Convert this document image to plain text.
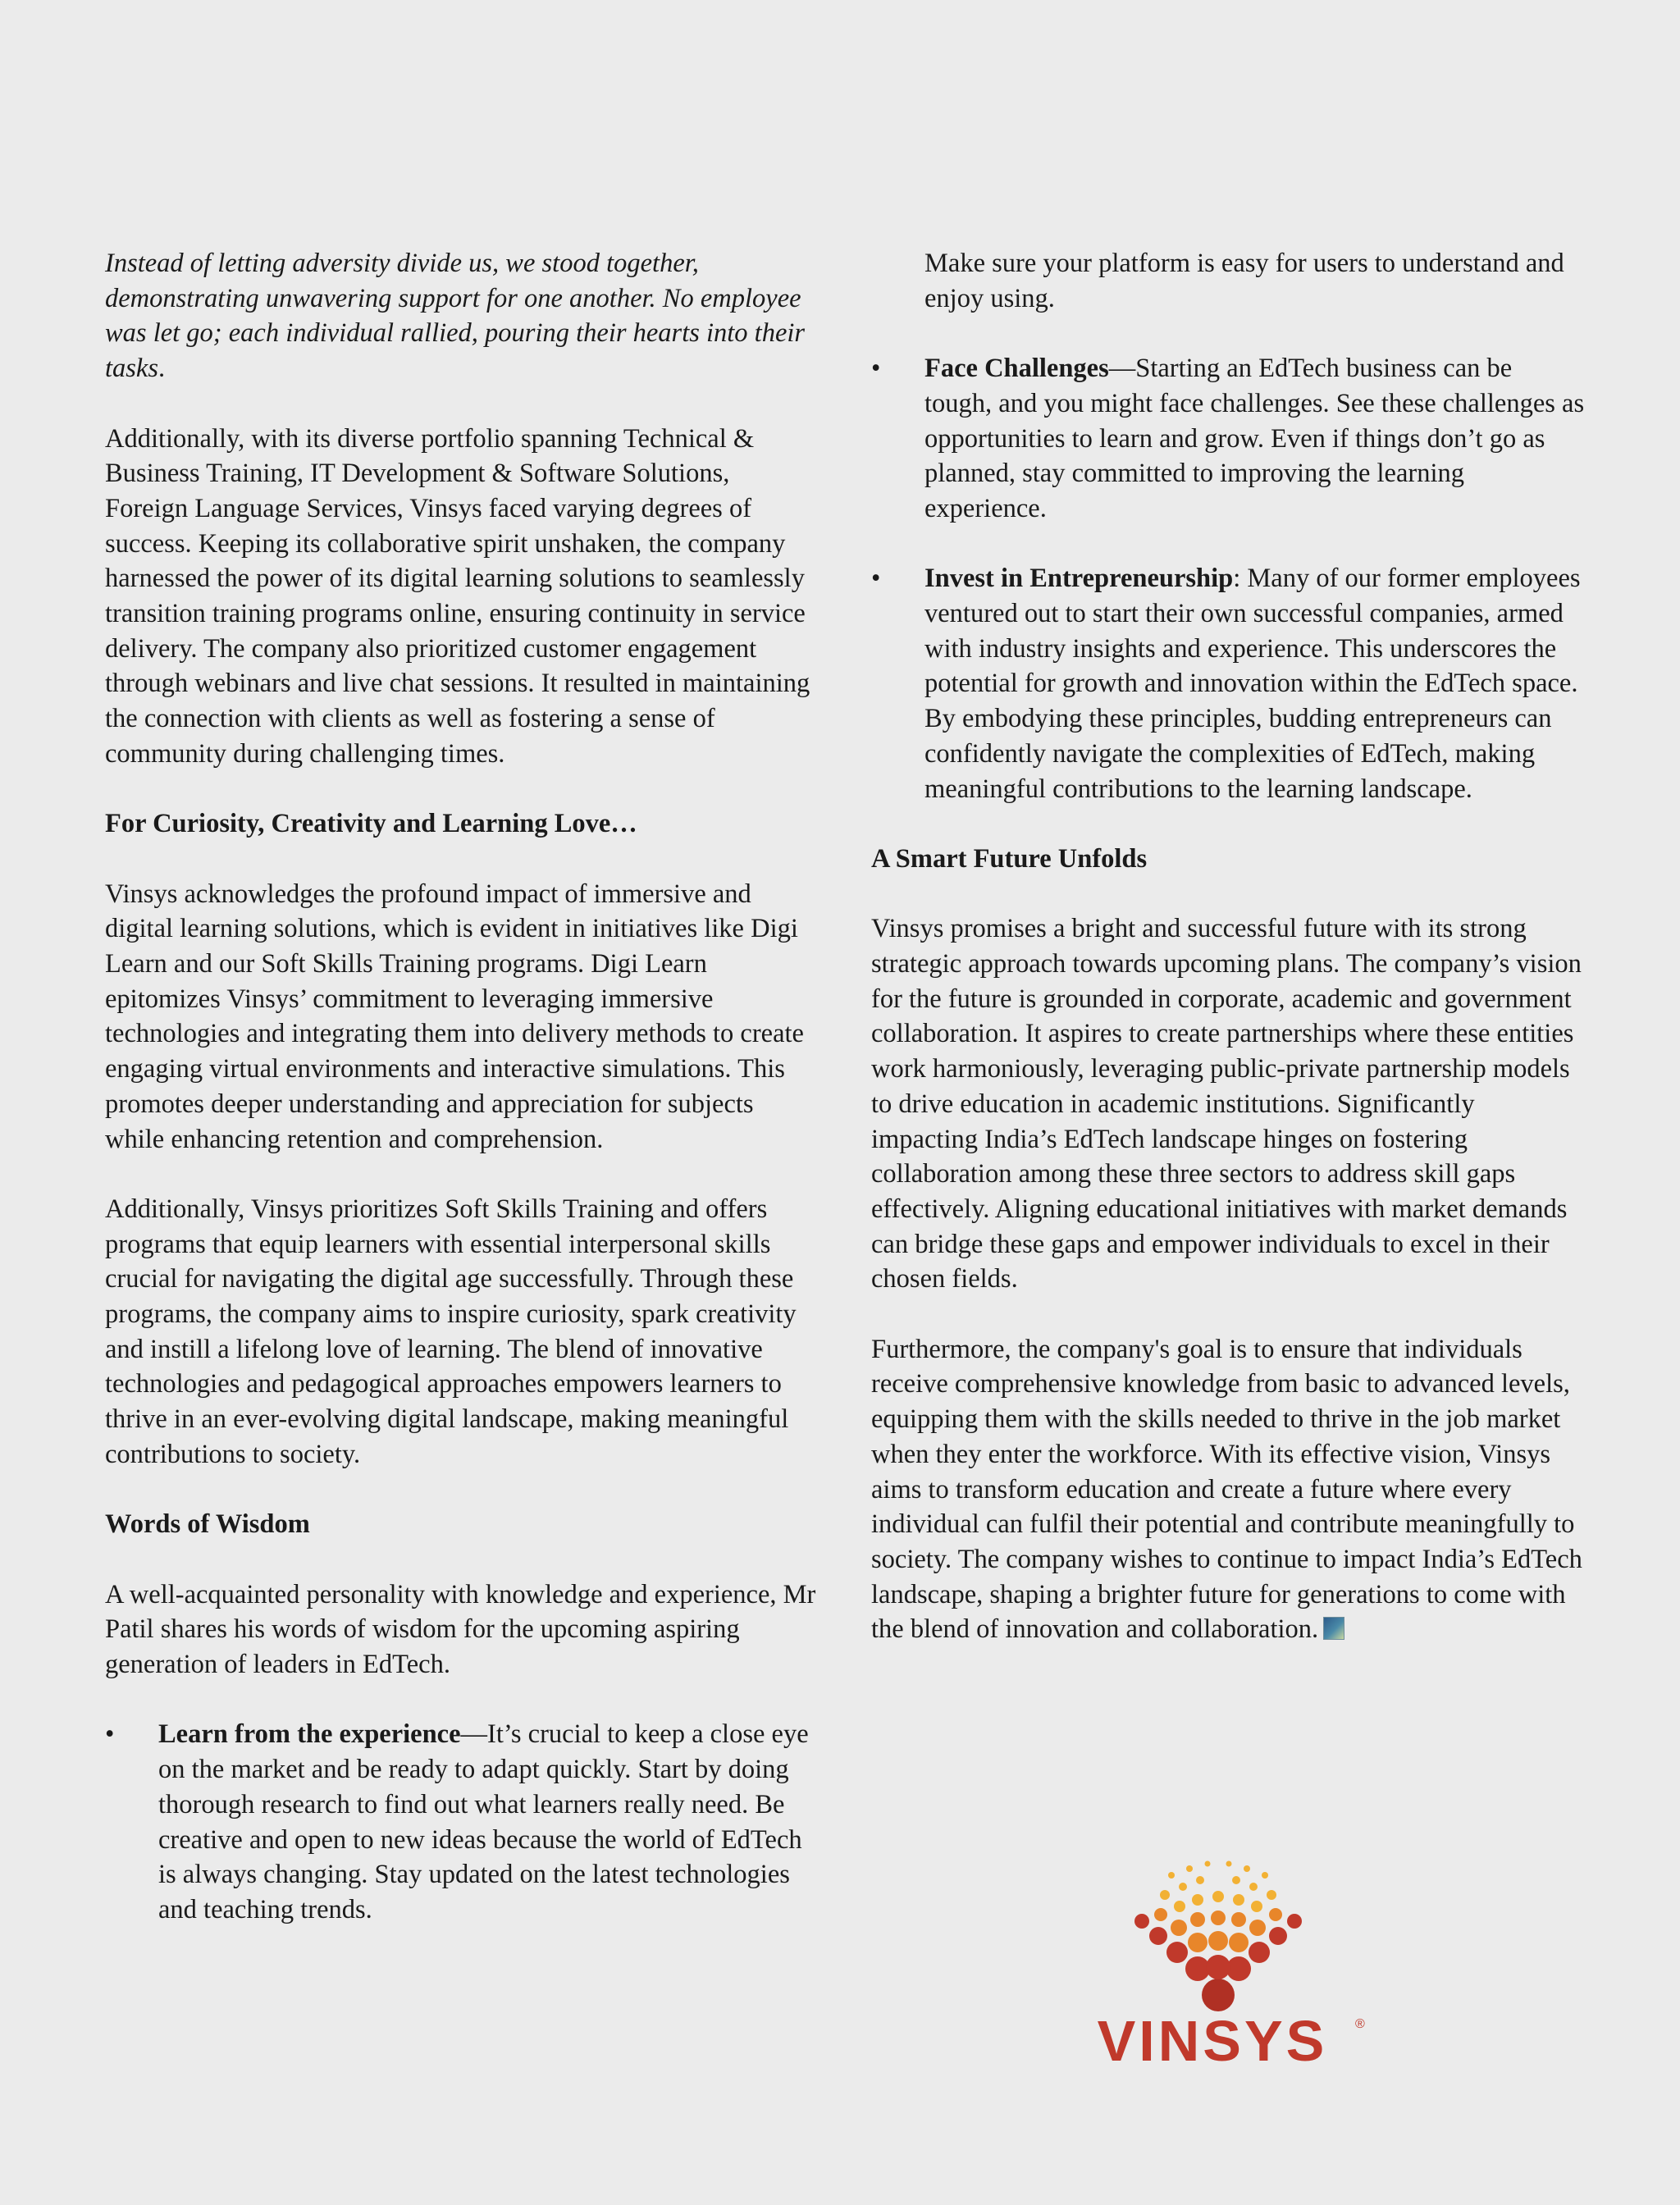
Instead of letting adversity divide us, we stood together, demonstrating unwavering support for one another. No employee was let go; each individual rallied, pouring their hearts into their tasks.

Additionally, with its diverse portfolio spanning Technical & Business Training, IT Development & Software Solutions, Foreign Language Services, Vinsys faced varying degrees of success. Keeping its collaborative spirit unshaken, the company harnessed the power of its digital learning solutions to seamlessly transition training programs online, ensuring continuity in service delivery. The company also prioritized customer engagement through webinars and live chat sessions. It resulted in maintaining the connection with clients as well as fostering a sense of community during challenging times.

For Curiosity, Creativity and Learning Love…

Vinsys acknowledges the profound impact of immersive and digital learning solutions, which is evident in initiatives like Digi Learn and our Soft Skills Training programs. Digi Learn epitomizes Vinsys’ commitment to leveraging immersive technologies and integrating them into delivery methods to create engaging virtual environments and interactive simulations. This promotes deeper understanding and appreciation for subjects while enhancing retention and comprehension.

Additionally, Vinsys prioritizes Soft Skills Training and offers programs that equip learners with essential interpersonal skills crucial for navigating the digital age successfully. Through these programs, the company aims to inspire curiosity, spark creativity and instill a lifelong love of learning. The blend of innovative technologies and pedagogical approaches empowers learners to thrive in an ever-evolving digital landscape, making meaningful contributions to society.

Words of Wisdom

A well-acquainted personality with knowledge and experience, Mr Patil shares his words of wisdom for the upcoming aspiring generation of leaders in EdTech.

• Learn from the experience—It’s crucial to keep a close eye on the market and be ready to adapt quickly. Start by doing thorough research to find out what learners really need. Be creative and open to new ideas because the world of EdTech is always changing. Stay updated on the latest technologies and teaching trends.

Make sure your platform is easy for users to understand and enjoy using.

• Face Challenges—Starting an EdTech business can be tough, and you might face challenges. See these challenges as opportunities to learn and grow. Even if things don’t go as planned, stay committed to improving the learning experience.
• Invest in Entrepreneurship: Many of our former employees ventured out to start their own successful companies, armed with industry insights and experience. This underscores the potential for growth and innovation within the EdTech space. By embodying these principles, budding entrepreneurs can confidently navigate the complexities of EdTech, making meaningful contributions to the learning landscape.
A Smart Future Unfolds

Vinsys promises a bright and successful future with its strong strategic approach towards upcoming plans. The company’s vision for the future is grounded in corporate, academic and government collaboration. It aspires to create partnerships where these entities work harmoniously, leveraging public-private partnership models to drive education in academic institutions. Significantly impacting India’s EdTech landscape hinges on fostering collaboration among these three sectors to address skill gaps effectively. Aligning educational initiatives with market demands can bridge these gaps and empower individuals to excel in their chosen fields.

Furthermore, the company's goal is to ensure that individuals receive comprehensive knowledge from basic to advanced levels, equipping them with the skills needed to thrive in the job market when they enter the workforce. With its effective vision, Vinsys aims to transform education and create a future where every individual can fulfil their potential and contribute meaningfully to society. The company wishes to continue to impact India’s EdTech landscape, shaping a brighter future for generations to come with the blend of innovation and collaboration.

VINSYS ®
